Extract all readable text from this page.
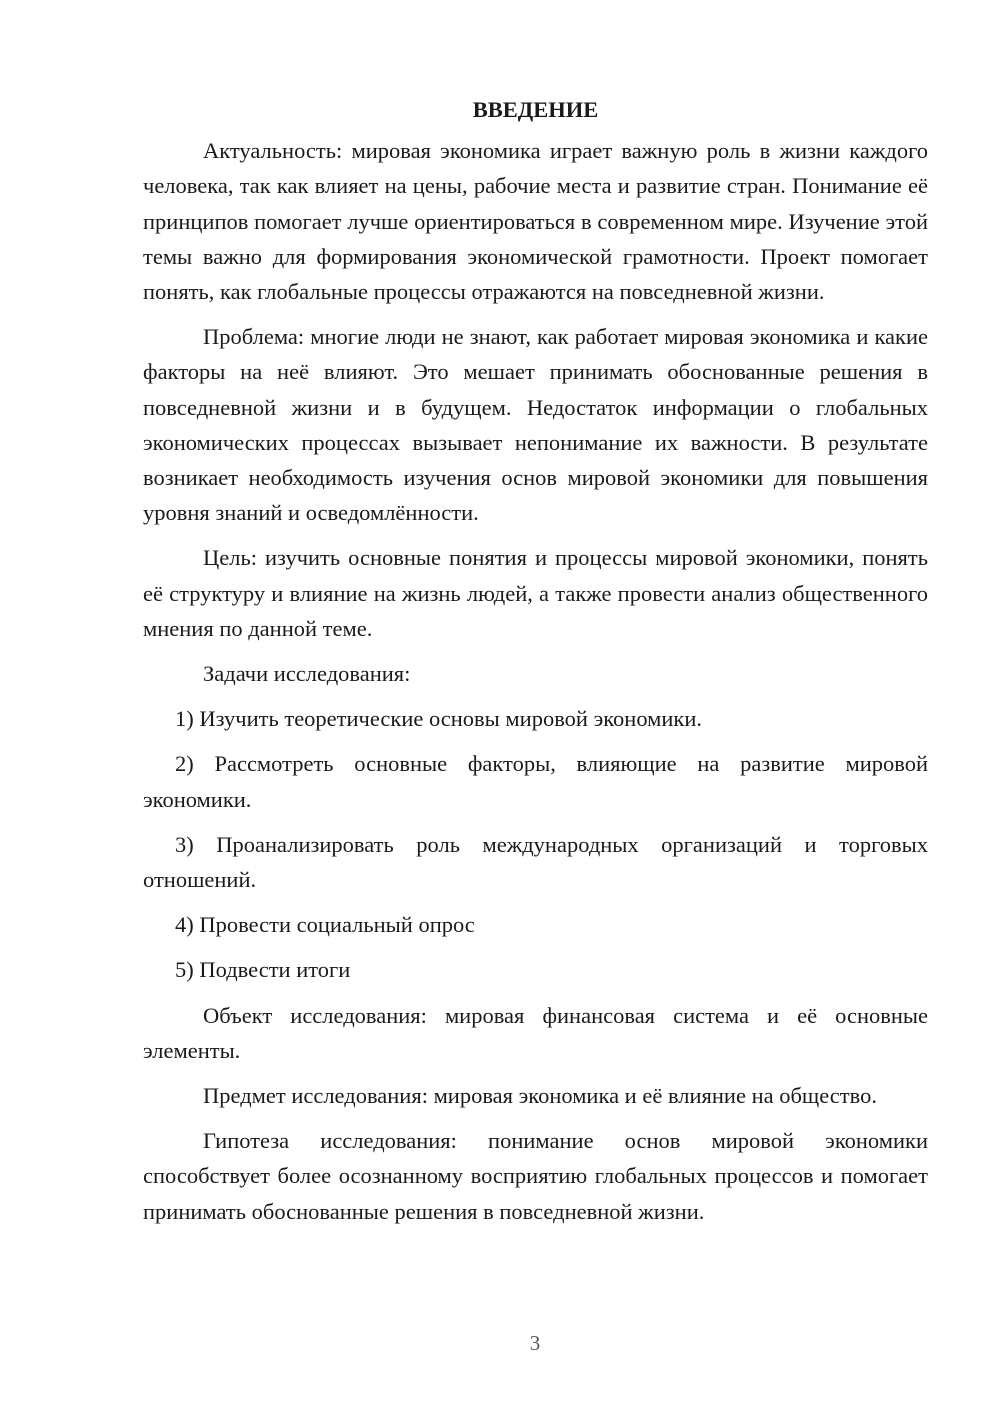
ВВЕДЕНИЕ

Актуальность: мировая экономика играет важную роль в жизни каждого человека, так как влияет на цены, рабочие места и развитие стран. Понимание её принципов помогает лучше ориентироваться в современном мире. Изучение этой темы важно для формирования экономической грамотности. Проект помогает понять, как глобальные процессы отражаются на повседневной жизни.

Проблема: многие люди не знают, как работает мировая экономика и какие факторы на неё влияют. Это мешает принимать обоснованные решения в повседневной жизни и в будущем. Недостаток информации о глобальных экономических процессах вызывает непонимание их важности. В результате возникает необходимость изучения основ мировой экономики для повышения уровня знаний и осведомлённости.

Цель: изучить основные понятия и процессы мировой экономики, понять её структуру и влияние на жизнь людей, а также провести анализ общественного мнения по данной теме.

Задачи исследования:

1) Изучить теоретические основы мировой экономики.

2) Рассмотреть основные факторы, влияющие на развитие мировой экономики.

3) Проанализировать роль международных организаций и торговых отношений.

4) Провести социальный опрос

5) Подвести итоги

Объект исследования: мировая финансовая система и её основные элементы.

Предмет исследования: мировая экономика и её влияние на общество.

Гипотеза исследования: понимание основ мировой экономики способствует более осознанному восприятию глобальных процессов и помогает принимать обоснованные решения в повседневной жизни.

3
